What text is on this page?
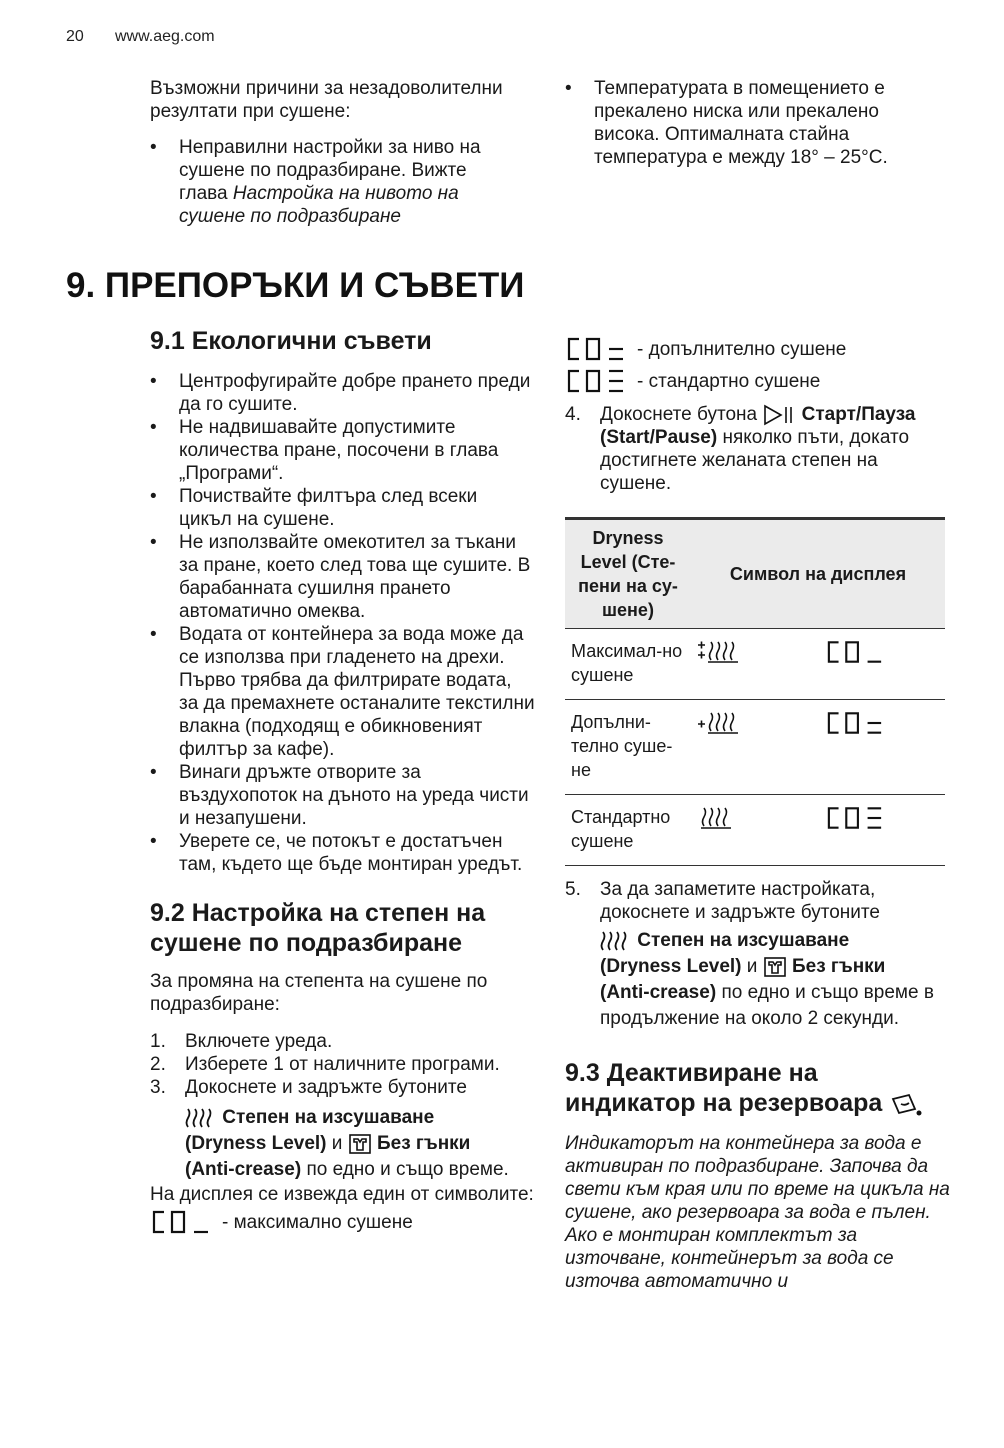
20 www.aeg.com

Възможни причини за незадоволителни резултати при сушене:

• Неправилни настройки за ниво на сушене по подразбиране. Вижте глава Настройка на нивото на сушене по подразбиране
• Температурата в помещението е прекалено ниска или прекалено висока. Оптималната стайна температура е между 18° – 25°C.
9. ПРЕПОРЪКИ И СЪВЕТИ
9.1 Екологични съвети
• Центрофугирайте добре прането преди да го сушите.
• Не надвишавайте допустимите количества пране, посочени в глава „Програми“.
• Почиствайте филтъра след всеки цикъл на сушене.
• Не използвайте омекотител за тъкани за пране, което след това ще сушите. В барабанната сушилня прането автоматично омеква.
• Водата от контейнера за вода може да се използва при гладенето на дрехи. Първо трябва да филтрирате водата, за да премахнете останалите текстилни влакна (подходящ е обикновеният филтър за кафе).
• Винаги дръжте отворите за въздухопоток на дъното на уреда чисти и незапушени.
• Уверете се, че потокът е достатъчен там, където ще бъде монтиран уредът.
9.2 Настройка на степен на сушене по подразбиране

За промяна на степента на сушене по подразбиране:

1. Включете уреда.
2. Изберете 1 от наличните програми.
3. Докоснете и задръжте бутоните
Степен на изсушаване
(Dryness Level) и Без гънки
(Anti-crease) по едно и също време.

На дисплея се извежда един от символите:

- максимално сушене
- допълнително сушене
- стандартно сушене
4. Докоснете бутона Старт/Пауза (Start/Pause) няколко пъти, докато достигнете желаната степен на сушене.
Dryness Level (Сте-пени на су-шене)	Символ на дисплея
Максимал-но сушене	

Допълни-телно суше-не	

Стандартно сушене	
5. За да запаметите настройката, докоснете и задръжте бутоните
Степен на изсушаване
(Dryness Level) и Без гънки
(Anti-crease) по едно и също време в продължение на около 2 секунди.
9.3 Деактивиране на индикатор на резервоара

Индикаторът на контейнера за вода е активиран по подразбиране. Започва да свети към края или по време на цикъла на сушене, ако резервоара за вода е пълен. Ако е монтиран комплектът за източване, контейнерът за вода се източва автоматично и
